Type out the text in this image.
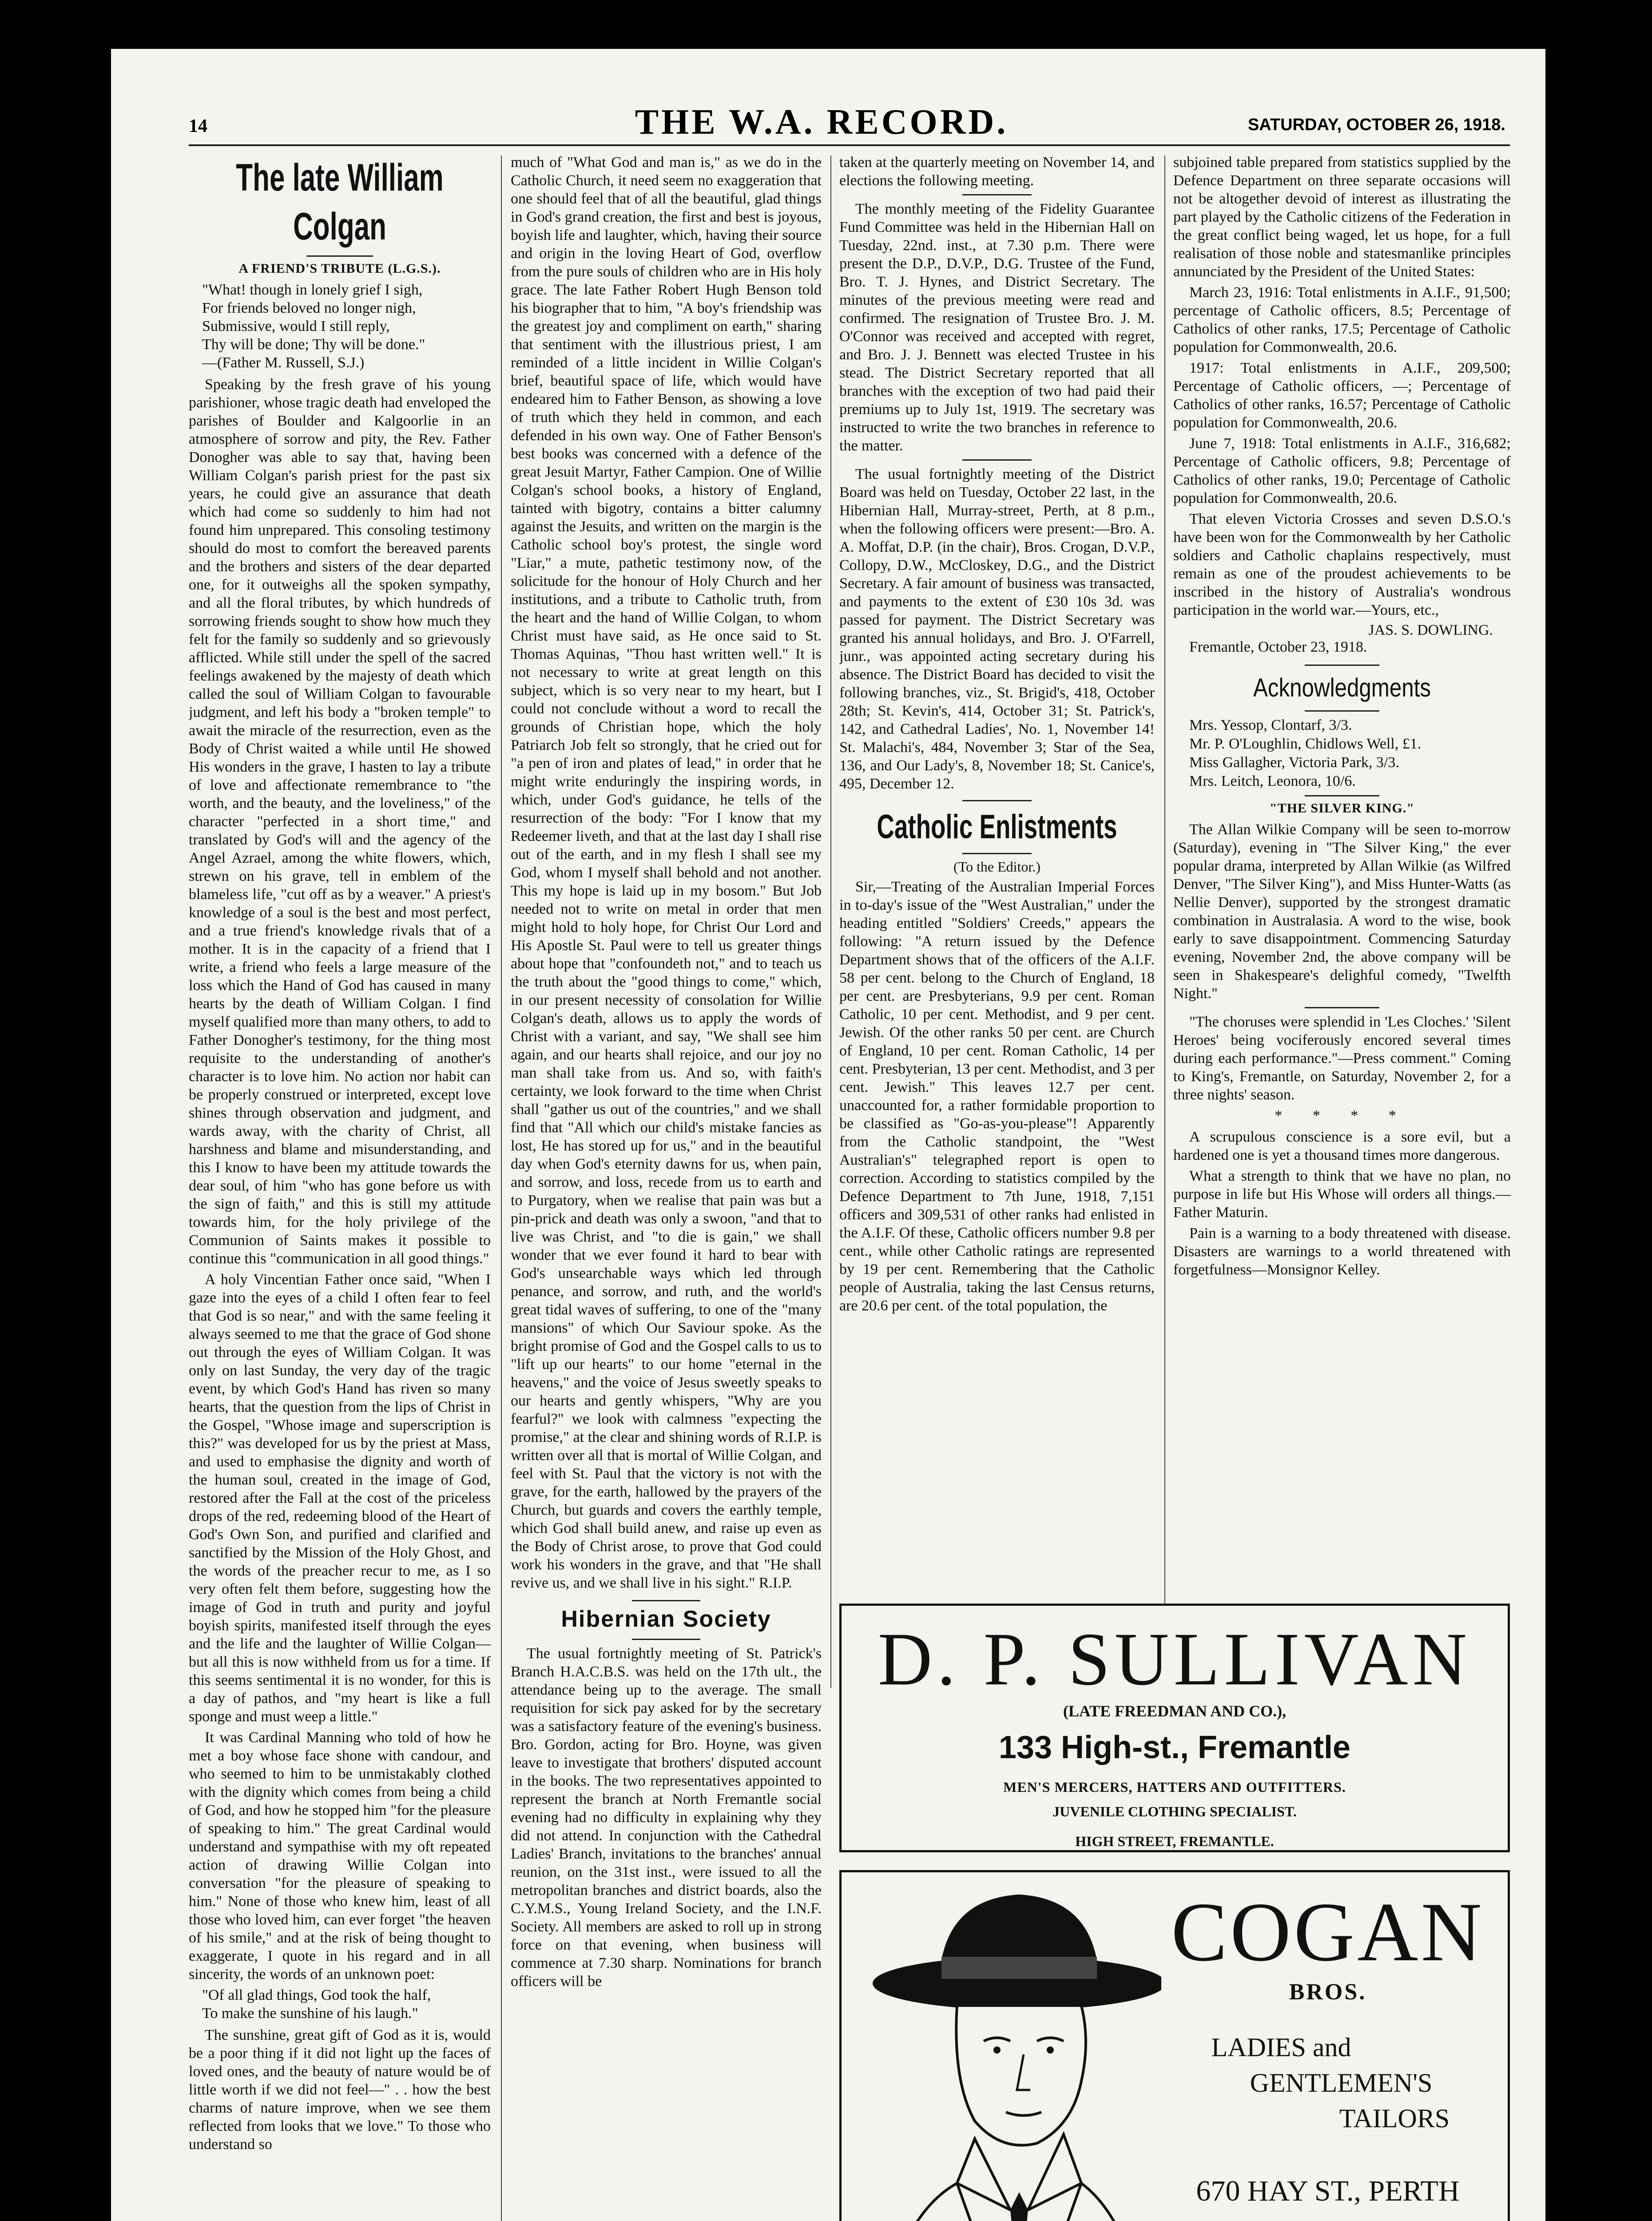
14	THE W.A. RECORD.	SATURDAY, OCTOBER 26, 1918.
The late William Colgan
A FRIEND'S TRIBUTE (L.G.S.).
"What! though in lonely grief I sigh,
For friends beloved no longer nigh,
Submissive, would I still reply,
Thy will be done; Thy will be done."
—(Father M. Russell, S.J.)

Speaking by the fresh grave of his young parishioner, whose tragic death had enveloped the parishes of Boulder and Kalgoorlie in an atmosphere of sorrow and pity, the Rev. Father Donogher was able to say that, having been William Colgan's parish priest for the past six years, he could give an assurance that death which had come so suddenly to him had not found him unprepared. This consoling testimony should do most to comfort the bereaved parents and the brothers and sisters of the dear departed one, for it outweighs all the spoken sympathy, and all the floral tributes, by which hundreds of sorrowing friends sought to show how much they felt for the family so suddenly and so grievously afflicted. While still under the spell of the sacred feelings awakened by the majesty of death which called the soul of William Colgan to favourable judgment, and left his body a "broken temple" to await the miracle of the resurrection, even as the Body of Christ waited a while until He showed His wonders in the grave, I hasten to lay a tribute of love and affectionate remembrance to "the worth, and the beauty, and the loveliness," of the character "perfected in a short time," and translated by God's will and the agency of the Angel Azrael, among the white flowers, which, strewn on his grave, tell in emblem of the blameless life, "cut off as by a weaver." A priest's knowledge of a soul is the best and most perfect, and a true friend's knowledge rivals that of a mother. It is in the capacity of a friend that I write, a friend who feels a large measure of the loss which the Hand of God has caused in many hearts by the death of William Colgan. I find myself qualified more than many others, to add to Father Donogher's testimony, for the thing most requisite to the understanding of another's character is to love him. No action nor habit can be properly construed or interpreted, except love shines through observation and judgment, and wards away, with the charity of Christ, all harshness and blame and misunderstanding, and this I know to have been my attitude towards the dear soul, of him "who has gone before us with the sign of faith," and this is still my attitude towards him, for the holy privilege of the Communion of Saints makes it possible to continue this "communication in all good things."

A holy Vincentian Father once said, "When I gaze into the eyes of a child I often fear to feel that God is so near," and with the same feeling it always seemed to me that the grace of God shone out through the eyes of William Colgan. It was only on last Sunday, the very day of the tragic event, by which God's Hand has riven so many hearts, that the question from the lips of Christ in the Gospel, "Whose image and superscription is this?" was developed for us by the priest at Mass, and used to emphasise the dignity and worth of the human soul, created in the image of God, restored after the Fall at the cost of the priceless drops of the red, redeeming blood of the Heart of God's Own Son, and purified and clarified and sanctified by the Mission of the Holy Ghost, and the words of the preacher recur to me, as I so very often felt them before, suggesting how the image of God in truth and purity and joyful boyish spirits, manifested itself through the eyes and the life and the laughter of Willie Colgan—but all this is now withheld from us for a time. If this seems sentimental it is no wonder, for this is a day of pathos, and "my heart is like a full sponge and must weep a little."

It was Cardinal Manning who told of how he met a boy whose face shone with candour, and who seemed to him to be unmistakably clothed with the dignity which comes from being a child of God, and how he stopped him "for the pleasure of speaking to him." The great Cardinal would understand and sympathise with my oft repeated action of drawing Willie Colgan into conversation "for the pleasure of speaking to him." None of those who knew him, least of all those who loved him, can ever forget "the heaven of his smile," and at the risk of being thought to exaggerate, I quote in his regard and in all sincerity, the words of an unknown poet:

"Of all glad things, God took the half,
To make the sunshine of his laugh."

The sunshine, great gift of God as it is, would be a poor thing if it did not light up the faces of loved ones, and the beauty of nature would be of little worth if we did not feel—" . . how the best charms of nature improve, when we see them reflected from looks that we love." To those who understand so

much of "What God and man is," as we do in the Catholic Church, it need seem no exaggeration that one should feel that of all the beautiful, glad things in God's grand creation, the first and best is joyous, boyish life and laughter, which, having their source and origin in the loving Heart of God, overflow from the pure souls of children who are in His holy grace. The late Father Robert Hugh Benson told his biographer that to him, "A boy's friendship was the greatest joy and compliment on earth," sharing that sentiment with the illustrious priest, I am reminded of a little incident in Willie Colgan's brief, beautiful space of life, which would have endeared him to Father Benson, as showing a love of truth which they held in common, and each defended in his own way. One of Father Benson's best books was concerned with a defence of the great Jesuit Martyr, Father Campion. One of Willie Colgan's school books, a history of England, tainted with bigotry, contains a bitter calumny against the Jesuits, and written on the margin is the Catholic school boy's protest, the single word "Liar," a mute, pathetic testimony now, of the solicitude for the honour of Holy Church and her institutions, and a tribute to Catholic truth, from the heart and the hand of Willie Colgan, to whom Christ must have said, as He once said to St. Thomas Aquinas, "Thou hast written well." It is not necessary to write at great length on this subject, which is so very near to my heart, but I could not conclude without a word to recall the grounds of Christian hope, which the holy Patriarch Job felt so strongly, that he cried out for "a pen of iron and plates of lead," in order that he might write enduringly the inspiring words, in which, under God's guidance, he tells of the resurrection of the body: "For I know that my Redeemer liveth, and that at the last day I shall rise out of the earth, and in my flesh I shall see my God, whom I myself shall behold and not another. This my hope is laid up in my bosom." But Job needed not to write on metal in order that men might hold to holy hope, for Christ Our Lord and His Apostle St. Paul were to tell us greater things about hope that "confoundeth not," and to teach us the truth about the "good things to come," which, in our present necessity of consolation for Willie Colgan's death, allows us to apply the words of Christ with a variant, and say, "We shall see him again, and our hearts shall rejoice, and our joy no man shall take from us. And so, with faith's certainty, we look forward to the time when Christ shall "gather us out of the countries," and we shall find that "All which our child's mistake fancies as lost, He has stored up for us," and in the beautiful day when God's eternity dawns for us, when pain, and sorrow, and loss, recede from us to earth and to Purgatory, when we realise that pain was but a pin-prick and death was only a swoon, "and that to live was Christ, and "to die is gain," we shall wonder that we ever found it hard to bear with God's unsearchable ways which led through penance, and sorrow, and ruth, and the world's great tidal waves of suffering, to one of the "many mansions" of which Our Saviour spoke. As the bright promise of God and the Gospel calls to us to "lift up our hearts" to our home "eternal in the heavens," and the voice of Jesus sweetly speaks to our hearts and gently whispers, "Why are you fearful?" we look with calmness "expecting the promise," at the clear and shining words of R.I.P. is written over all that is mortal of Willie Colgan, and feel with St. Paul that the victory is not with the grave, for the earth, hallowed by the prayers of the Church, but guards and covers the earthly temple, which God shall build anew, and raise up even as the Body of Christ arose, to prove that God could work his wonders in the grave, and that "He shall revive us, and we shall live in his sight." R.I.P.

Hibernian Society

The usual fortnightly meeting of St. Patrick's Branch H.A.C.B.S. was held on the 17th ult., the attendance being up to the average. The small requisition for sick pay asked for by the secretary was a satisfactory feature of the evening's business. Bro. Gordon, acting for Bro. Hoyne, was given leave to investigate that brothers' disputed account in the books. The two representatives appointed to represent the branch at North Fremantle social evening had no difficulty in explaining why they did not attend. In conjunction with the Cathedral Ladies' Branch, invitations to the branches' annual reunion, on the 31st inst., were issued to all the metropolitan branches and district boards, also the C.Y.M.S., Young Ireland Society, and the I.N.F. Society. All members are asked to roll up in strong force on that evening, when business will commence at 7.30 sharp. Nominations for branch officers will be

taken at the quarterly meeting on November 14, and elections the following meeting.

The monthly meeting of the Fidelity Guarantee Fund Committee was held in the Hibernian Hall on Tuesday, 22nd. inst., at 7.30 p.m. There were present the D.P., D.V.P., D.G. Trustee of the Fund, Bro. T. J. Hynes, and District Secretary. The minutes of the previous meeting were read and confirmed. The resignation of Trustee Bro. J. M. O'Connor was received and accepted with regret, and Bro. J. J. Bennett was elected Trustee in his stead. The District Secretary reported that all branches with the exception of two had paid their premiums up to July 1st, 1919. The secretary was instructed to write the two branches in reference to the matter.

The usual fortnightly meeting of the District Board was held on Tuesday, October 22 last, in the Hibernian Hall, Murray-street, Perth, at 8 p.m., when the following officers were present:—Bro. A. A. Moffat, D.P. (in the chair), Bros. Crogan, D.V.P., Collopy, D.W., McCloskey, D.G., and the District Secretary. A fair amount of business was transacted, and payments to the extent of £30 10s 3d. was passed for payment. The District Secretary was granted his annual holidays, and Bro. J. O'Farrell, junr., was appointed acting secretary during his absence. The District Board has decided to visit the following branches, viz., St. Brigid's, 418, October 28th; St. Kevin's, 414, October 31; St. Patrick's, 142, and Cathedral Ladies', No. 1, November 14! St. Malachi's, 484, November 3; Star of the Sea, 136, and Our Lady's, 8, November 18; St. Canice's, 495, December 12.

Catholic Enlistments
(To the Editor.)

Sir,—Treating of the Australian Imperial Forces in to-day's issue of the "West Australian," under the heading entitled "Soldiers' Creeds," appears the following: "A return issued by the Defence Department shows that of the officers of the A.I.F. 58 per cent. belong to the Church of England, 18 per cent. are Presbyterians, 9.9 per cent. Roman Catholic, 10 per cent. Methodist, and 9 per cent. Jewish. Of the other ranks 50 per cent. are Church of England, 10 per cent. Roman Catholic, 14 per cent. Presbyterian, 13 per cent. Methodist, and 3 per cent. Jewish." This leaves 12.7 per cent. unaccounted for, a rather formidable proportion to be classified as "Go-as-you-please"! Apparently from the Catholic standpoint, the "West Australian's" telegraphed report is open to correction. According to statistics compiled by the Defence Department to 7th June, 1918, 7,151 officers and 309,531 of other ranks had enlisted in the A.I.F. Of these, Catholic officers number 9.8 per cent., while other Catholic ratings are represented by 19 per cent. Remembering that the Catholic people of Australia, taking the last Census returns, are 20.6 per cent. of the total population, the

subjoined table prepared from statistics supplied by the Defence Department on three separate occasions will not be altogether devoid of interest as illustrating the part played by the Catholic citizens of the Federation in the great conflict being waged, let us hope, for a full realisation of those noble and statesmanlike principles annunciated by the President of the United States:

March 23, 1916: Total enlistments in A.I.F., 91,500; percentage of Catholic officers, 8.5; Percentage of Catholics of other ranks, 17.5; Percentage of Catholic population for Commonwealth, 20.6.

1917: Total enlistments in A.I.F., 209,500; Percentage of Catholic officers, —; Percentage of Catholics of other ranks, 16.57; Percentage of Catholic population for Commonwealth, 20.6.

June 7, 1918: Total enlistments in A.I.F., 316,682; Percentage of Catholic officers, 9.8; Percentage of Catholics of other ranks, 19.0; Percentage of Catholic population for Commonwealth, 20.6.

That eleven Victoria Crosses and seven D.S.O.'s have been won for the Commonwealth by her Catholic soldiers and Catholic chaplains respectively, must remain as one of the proudest achievements to be inscribed in the history of Australia's wondrous participation in the world war.—Yours, etc.,

JAS. S. DOWLING.
Fremantle, October 23, 1918.
Acknowledgments
Mrs. Yessop, Clontarf, 3/3.
Mr. P. O'Loughlin, Chidlows Well, £1.
Miss Gallagher, Victoria Park, 3/3.
Mrs. Leitch, Leonora, 10/6.
"THE SILVER KING."

The Allan Wilkie Company will be seen to-morrow (Saturday), evening in "The Silver King," the ever popular drama, interpreted by Allan Wilkie (as Wilfred Denver, "The Silver King"), and Miss Hunter-Watts (as Nellie Denver), supported by the strongest dramatic combination in Australasia. A word to the wise, book early to save disappointment. Commencing Saturday evening, November 2nd, the above company will be seen in Shakespeare's delighful comedy, "Twelfth Night."

"The choruses were splendid in 'Les Cloches.' 'Silent Heroes' being vociferously encored several times during each performance."—Press comment." Coming to King's, Fremantle, on Saturday, November 2, for a three nights' season.

* * * *

A scrupulous conscience is a sore evil, but a hardened one is yet a thousand times more dangerous.

What a strength to think that we have no plan, no purpose in life but His Whose will orders all things.—Father Maturin.

Pain is a warning to a body threatened with disease. Disasters are warnings to a world threatened with forgetfulness—Monsignor Kelley.

D. P. SULLIVAN
(LATE FREEDMAN AND CO.),
133 High-st., Fremantle
MEN'S MERCERS, HATTERS AND OUTFITTERS.
JUVENILE CLOTHING SPECIALIST.
HIGH STREET, FREMANTLE.
COGAN
BROS.
LADIES and
GENTLEMEN'S
TAILORS
670 HAY ST., PERTH
